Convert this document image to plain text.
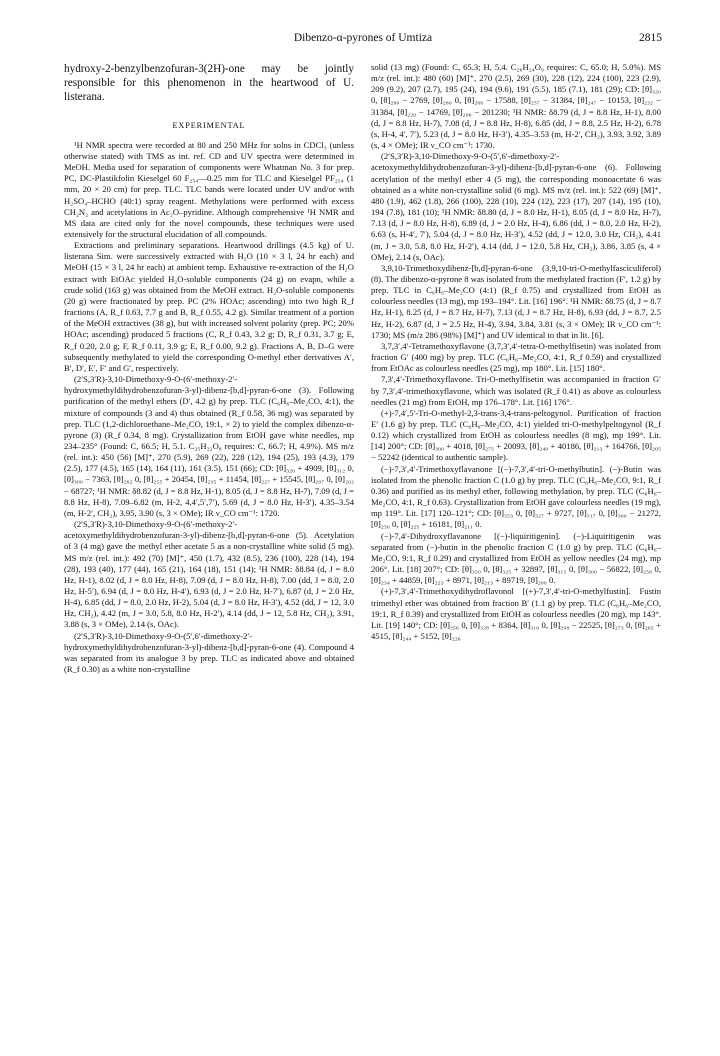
Dibenzo-α-pyrones of Umtiza	2815

hydroxy-2-benzylbenzofuran-3(2H)-one may be jointly responsible for this phenomenon in the heartwood of U. listerana.

EXPERIMENTAL

¹H NMR spectra were recorded at 80 and 250 MHz for solns in CDCl₃ (unless otherwise stated) with TMS as int. ref. CD and UV spectra were determined in MeOH. Media used for separation of components were Whatman No. 3 for prep. PC, DC-Plastikfolin Kieselgel 60 F₂₅₄—0.25 mm for TLC and Kieselgel PF₂₅₄ (1 mm, 20 × 20 cm) for prep. TLC. TLC bands were located under UV and/or with H₂SO₄–HCHO (40:1) spray reagent. Methylations were performed with excess CH₂N₂ and acetylations in Ac₂O–pyridine. Although comprehensive ¹H NMR and MS data are cited only for the novel compounds, these techniques were used extensively for the structural elucidation of all compounds.

Extractions and preliminary separations. Heartwood drillings (4.5 kg) of U. listerana Sim. were successively extracted with H₂O (10 × 3 l, 24 hr each) and MeOH (15 × 3 l, 24 hr each) at ambient temp. Exhaustive re-extraction of the H₂O extract with EtOAc yielded H₂O-soluble components (24 g) on evapn, while a crude solid (163 g) was obtained from the MeOH extract. H₂O-soluble components (20 g) were fractionated by prep. PC (2% HOAc; ascending) into two high R_f fractions (A, R_f 0.63, 7.7 g and B, R_f 0.55, 4.2 g). Similar treatment of a portion of the MeOH extractives (38 g), but with increased solvent polarity (prep. PC; 20% HOAc; ascending) produced 5 fractions (C, R_f 0.43, 3.2 g; D, R_f 0.31, 3.7 g; E, R_f 0.20, 2.0 g; F, R_f 0.11, 3.9 g; E, R_f 0.00, 9.2 g). Fractions A, B, D–G were subsequently methylated to yield the corresponding O-methyl ether derivatives A′, B′, D′, E′, F′ and G′, respectively.

(2′S,3′R)-3,10-Dimethoxy-9-O-(6′-methoxy-2′-hydroxymethyldihydrobenzofuran-3-yl)-dibenz-[b,d]-pyran-6-one (3). Following purification of the methyl ethers (D′, 4.2 g) by prep. TLC (C₆H₆–Me₂CO, 4:1), the mixture of compounds (3 and 4) thus obtained (R_f 0.58, 36 mg) was separated by prep. TLC (1,2-dichloroethane–Me₂CO, 19:1, × 2) to yield the complex dibenzo-α-pyrone (3) (R_f 0.34, 8 mg). Crystallization from EtOH gave white needles, mp 234–235° (Found: C, 66.5; H, 5.1. C₂₅H₂₂O₈ requires: C, 66.7; H, 4.9%). MS m/z (rel. int.): 450 (56) [M]⁺, 270 (5.9), 269 (22), 228 (12), 194 (25), 193 (4.3), 179 (2.5), 177 (4.5), 165 (14), 164 (11), 161 (3.5), 151 (66); CD: [θ]₃₂₀ + 4909, [θ]₃₁₂ 0, [θ]₃₀₀ − 7363, [θ]₂₆₂ 0, [θ]₂₅₅ + 20454, [θ]₂₃₅ + 11454, [θ]₂₂₇ + 15545, [θ]₂₀₇ 0, [θ]₂₀₂ − 68727; ¹H NMR: δ8.82 (d, J = 8.8 Hz, H-1), 8.05 (d, J = 8.8 Hz, H-7), 7.09 (d, J = 8.8 Hz, H-8), 7.09–6.82 (m, H-2, 4,4′,5′,7′), 5.69 (d, J = 8.0 Hz, H-3′), 4.35–3.54 (m, H-2′, CH₂), 3.95, 3.90 (s, 3 × OMe); IR ν_CO cm⁻¹: 1720.

(2′S,3′R)-3,10-Dimethoxy-9-O-(6′-methoxy-2′-acetoxymethyldihydrobenzofuran-3-yl)-dibenz-[b,d]-pyran-6-one (5). Acetylation of 3 (4 mg) gave the methyl ether acetate 5 as a non-crystalline white solid (5 mg). MS m/z (rel. int.): 492 (70) [M]⁺, 450 (1.7), 432 (8.5), 236 (100), 228 (14), 194 (28), 193 (40), 177 (44), 165 (21), 164 (18), 151 (14); ¹H NMR: δ8.84 (d, J = 8.0 Hz, H-1), 8.02 (d, J = 8.0 Hz, H-8), 7.09 (d, J = 8.0 Hz, H-8), 7.00 (dd, J = 8.0, 2.0 Hz, H-5′), 6.94 (d, J = 8.0 Hz, H-4′), 6.93 (d, J = 2.0 Hz, H-7′), 6.87 (d, J = 2.0 Hz, H-4), 6.85 (dd, J = 8.0, 2.0 Hz, H-2), 5.04 (d, J = 8.0 Hz, H-3′), 4.52 (dd, J = 12, 3.0 Hz, CH₂), 4.42 (m, J = 3.0, 5.8, 8.0 Hz, H-2′), 4.14 (dd, J = 12, 5.8 Hz, CH₂), 3.91, 3.88 (s, 3 × OMe), 2.14 (s, OAc).

(2′S,3′R)-3,10-Dimethoxy-9-O-(5′,6′-dimethoxy-2′-hydroxymethyldihydrobenzofuran-3-yl)-dibenz-[b,d]-pyran-6-one (4). Compound 4 was separated from its analogue 3 by prep. TLC as indicated above and obtained (R_f 0.30) as a white non-crystalline

solid (13 mg) (Found: C, 65.3; H, 5.4. C₂₆H₂₄O₉ requires: C, 65.0; H, 5.0%). MS m/z (rel. int.): 480 (60) [M]⁺, 270 (2.5), 269 (30), 228 (12), 224 (100), 223 (2.9), 209 (9.2), 207 (2.7), 195 (24), 194 (9.6), 191 (5.5), 185 (7.1), 181 (29); CD: [θ]₃₂₀ 0, [θ]₂₉₀ − 2769, [θ]₂₈₀ 0, [θ]₂₆₆ − 17588, [θ]₂₅₇ − 31384, [θ]₂₄₇ − 10153, [θ]₂₃₂ − 31384, [θ]₂₂₀ − 14769, [θ]₂₀₆ − 201230; ¹H NMR: δ8.79 (d, J = 8.8 Hz, H-1), 8.00 (d, J = 8.8 Hz, H-7), 7.08 (d, J = 8.8 Hz, H-8), 6.85 (dd, J = 8.8, 2.5 Hz, H-2), 6.78 (s, H-4, 4′, 7′), 5.23 (d, J = 8.0 Hz, H-3′), 4.35–3.53 (m, H-2′, CH₂), 3.93, 3.92, 3.89 (s, 4 × OMe); IR ν_CO cm⁻¹: 1730.

(2′S,3′R)-3,10-Dimethoxy-9-O-(5′,6′-dimethoxy-2′-acetoxymethyldihydrobenzofuran-3-yl)-dibenz-[b,d]-pyran-6-one (6). Following acetylation of the methyl ether 4 (5 mg), the corresponding monoacetate 6 was obtained as a white non-crystalline solid (6 mg). MS m/z (rel. int.): 522 (69) [M]⁺, 480 (1.9), 462 (1.8), 266 (100), 228 (10), 224 (12), 223 (17), 207 (14), 195 (10), 194 (7.8), 181 (10); ¹H NMR: δ8.80 (d, J = 8.0 Hz, H-1), 8.05 (d, J = 8.0 Hz, H-7), 7.13 (d, J = 8.0 Hz, H-8), 6.89 (d, J = 2.0 Hz, H-4), 6.86 (dd, J = 8.0, 2.0 Hz, H-2), 6.63 (s, H-4′, 7′), 5.04 (d, J = 8.0 Hz, H-3′), 4.52 (dd, J = 12.0, 3.0 Hz, CH₂), 4.41 (m, J = 3.0, 5.8, 8.0 Hz, H-2′), 4.14 (dd, J = 12.0, 5.8 Hz, CH₂), 3.86, 3.85 (s, 4 × OMe), 2.14 (s, OAc).

3,9,10-Trimethoxydibenz-[b,d]-pyran-6-one (3,9,10-tri-O-methylfasciculiferol) (8). The dibenzo-α-pyrone 8 was isolated from the methylated fraction (F′, 1.2 g) by prep. TLC in C₆H₆–Me₂CO (4:1) (R_f 0.75) and crystallized from EtOH as colourless needles (13 mg), mp 193–194°. Lit. [16] 196°. ¹H NMR: δ8.75 (d, J = 8.7 Hz, H-1), 8.25 (d, J = 8.7 Hz, H-7), 7.13 (d, J = 8.7 Hz, H-8), 6.93 (dd, J = 8.7, 2.5 Hz, H-2), 6.87 (d, J = 2.5 Hz, H-4), 3.94, 3.84, 3.81 (s, 3 × OMe); IR ν_CO cm⁻¹: 1730; MS (m/z 286 (98%) [M]⁺) and UV identical to that in lit. [6].

3,7,3′,4′-Tetramethoxyflavone (3,7,3′,4′-tetra-O-methylfisetin) was isolated from fraction G′ (400 mg) by prep. TLC (C₆H₆–Me₂CO, 4:1, R_f 0.59) and crystallized from EtOAc as colourless needles (25 mg), mp 180°. Lit. [15] 180°.

7,3′,4′-Trimethoxyflavone. Tri-O-methylfisetin was accompanied in fraction G′ by 7,3′,4′-trimethoxyflavone, which was isolated (R_f 0.41) as above as colourless needles (21 mg) from EtOH, mp 176–178°. Lit. [16] 176°.

(+)-7,4′,5′-Tri-O-methyl-2,3-trans-3,4-trans-peltogynol. Purification of fraction E′ (1.6 g) by prep. TLC (C₆H₆–Me₂CO, 4:1) yielded tri-O-methylpeltogynol (R_f 0.12) which crystallized from EtOH as colourless needles (8 mg), mp 199°. Lit. [14] 200°; CD: [θ]₃₀₀ + 4018, [θ]₂₇₅ + 20093, [θ]₂₄₀ + 40186, [θ]₂₁₃ + 164766, [θ]₂₀₅ − 52242 (identical to authentic sample).

(−)-7,3′,4′-Trimethoxyflavanone [(−)-7,3′,4′-tri-O-methylbutin]. (−)-Butin was isolated from the phenolic fraction C (1.0 g) by prep. TLC (C₆H₆–Me₂CO, 9:1, R_f 0.36) and purified as its methyl ether, following methylation, by prep. TLC (C₆H₆–Me₂CO, 4:1, R_f 0.63). Crystallization from EtOH gave colourless needles (19 mg), mp 119°. Lit. [17] 120–121°; CD: [θ]₃₅₃ 0, [θ]₃₂₇ + 9727, [θ]₃₁₇ 0, [θ]₃₀₀ − 21272, [θ]₂₅₆ 0, [θ]₂₂₅ + 16181, [θ]₂₁₁ 0.

(−)-7,4′-Dihydroxyflavanone [(−)-liquiritigenin]. (−)-Liquiritigenin was separated from (−)-butin in the phenolic fraction C (1.0 g) by prep. TLC (C₆H₆–Me₂CO, 9:1, R_f 0.29) and crystallized from EtOH as yellow needles (24 mg), mp 206°. Lit. [18] 207°; CD: [θ]₃₅₀ 0, [θ]₃₂₅ + 32897, [θ]₃₁₅ 0, [θ]₃₀₀ − 56822, [θ]₂₅₈ 0, [θ]₂₃₄ + 44859, [θ]₂₂₃ + 8971, [θ]₂₁₃ + 89719, [θ]₂₀₀ 0.

(+)-7,3′,4′-Trimethoxydihydroflavonol [(+)-7,3′,4′-tri-O-methylfustin]. Fustin trimethyl ether was obtained from fraction B′ (1.1 g) by prep. TLC (C₆H₆–Me₂CO, 19:1, R_f 0.39) and crystallized from EtOH as colourless needles (20 mg), mp 143°. Lit. [19] 140°; CD: [θ]₃₅₆ 0, [θ]₃₂₈ + 8364, [θ]₃₁₀ 0, [θ]₂₉₈ − 22525, [θ]₂₇₃ 0, [θ]₂₆₅ + 4515, [θ]₂₄₄ + 5152, [θ]₂₂₆
